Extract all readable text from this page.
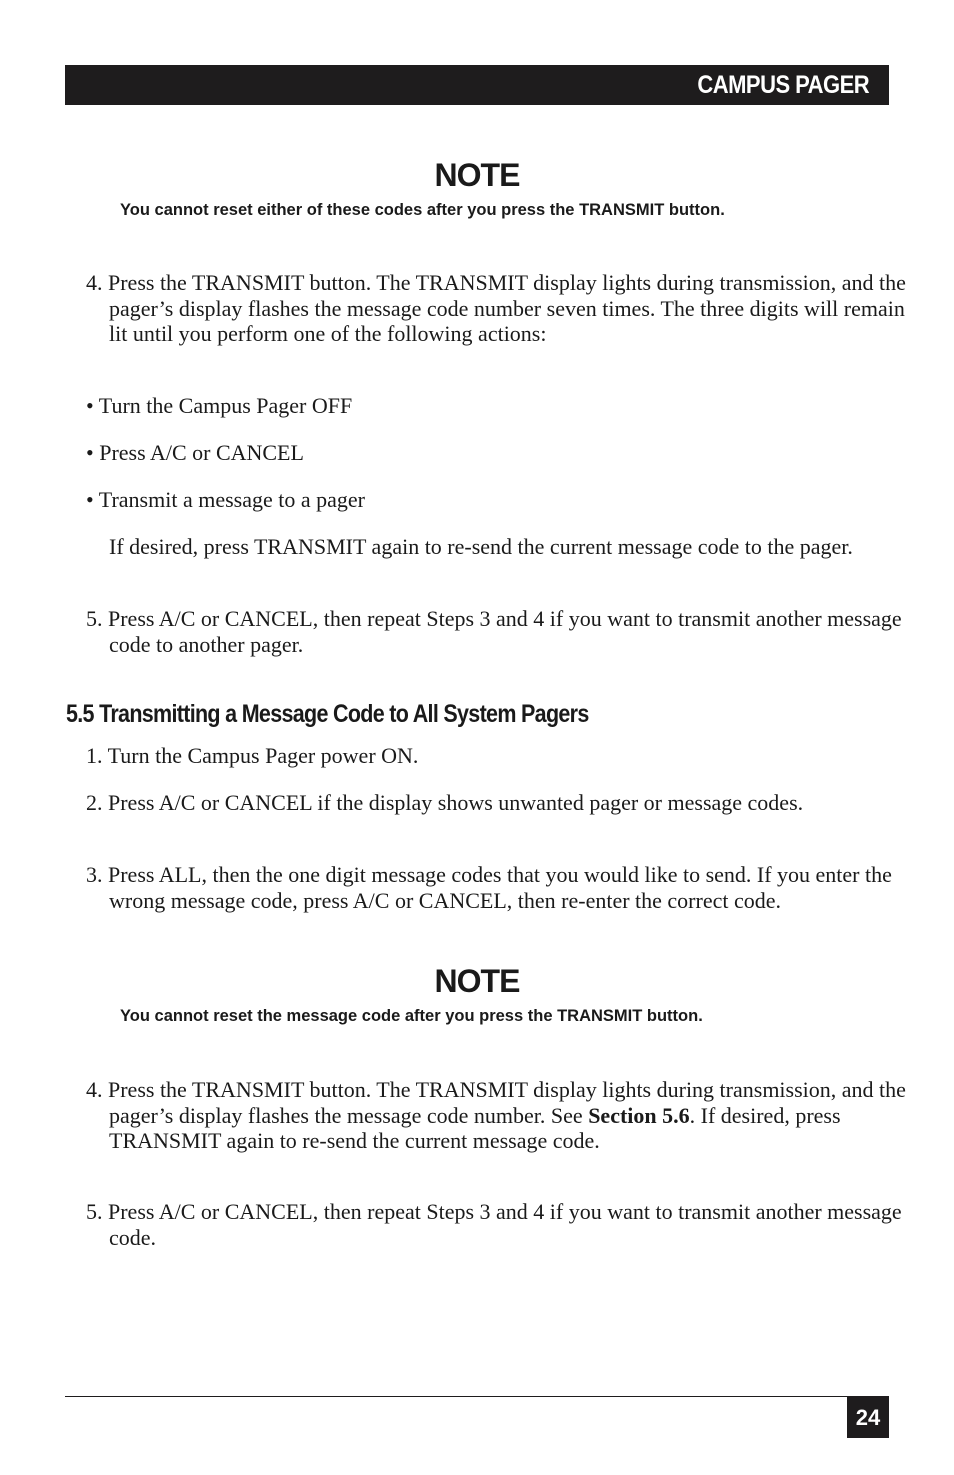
CAMPUS PAGER
NOTE
You cannot reset either of these codes after you press the TRANSMIT button.
4. Press the TRANSMIT button. The TRANSMIT display lights during transmission, and the pager’s display flashes the message code number seven times. The three digits will remain lit until you perform one of the following actions:
• Turn the Campus Pager OFF
• Press A/C or CANCEL
• Transmit a message to a pager
If desired, press TRANSMIT again to re-send the current message code to the pager.
5. Press A/C or CANCEL, then repeat Steps 3 and 4 if you want to transmit another message code to another pager.
5.5 Transmitting a Message Code to All System Pagers
1. Turn the Campus Pager power ON.
2. Press A/C or CANCEL if the display shows unwanted pager or message codes.
3. Press ALL, then the one digit message codes that you would like to send. If you enter the wrong message code, press A/C or CANCEL, then re-enter the correct code.
NOTE
You cannot reset the message code after you press the TRANSMIT button.
4. Press the TRANSMIT button. The TRANSMIT display lights during transmission, and the pager’s display flashes the message code number. See Section 5.6. If desired, press TRANSMIT again to re-send the current message code.
5. Press A/C or CANCEL, then repeat Steps 3 and 4 if you want to transmit another message code.
24
